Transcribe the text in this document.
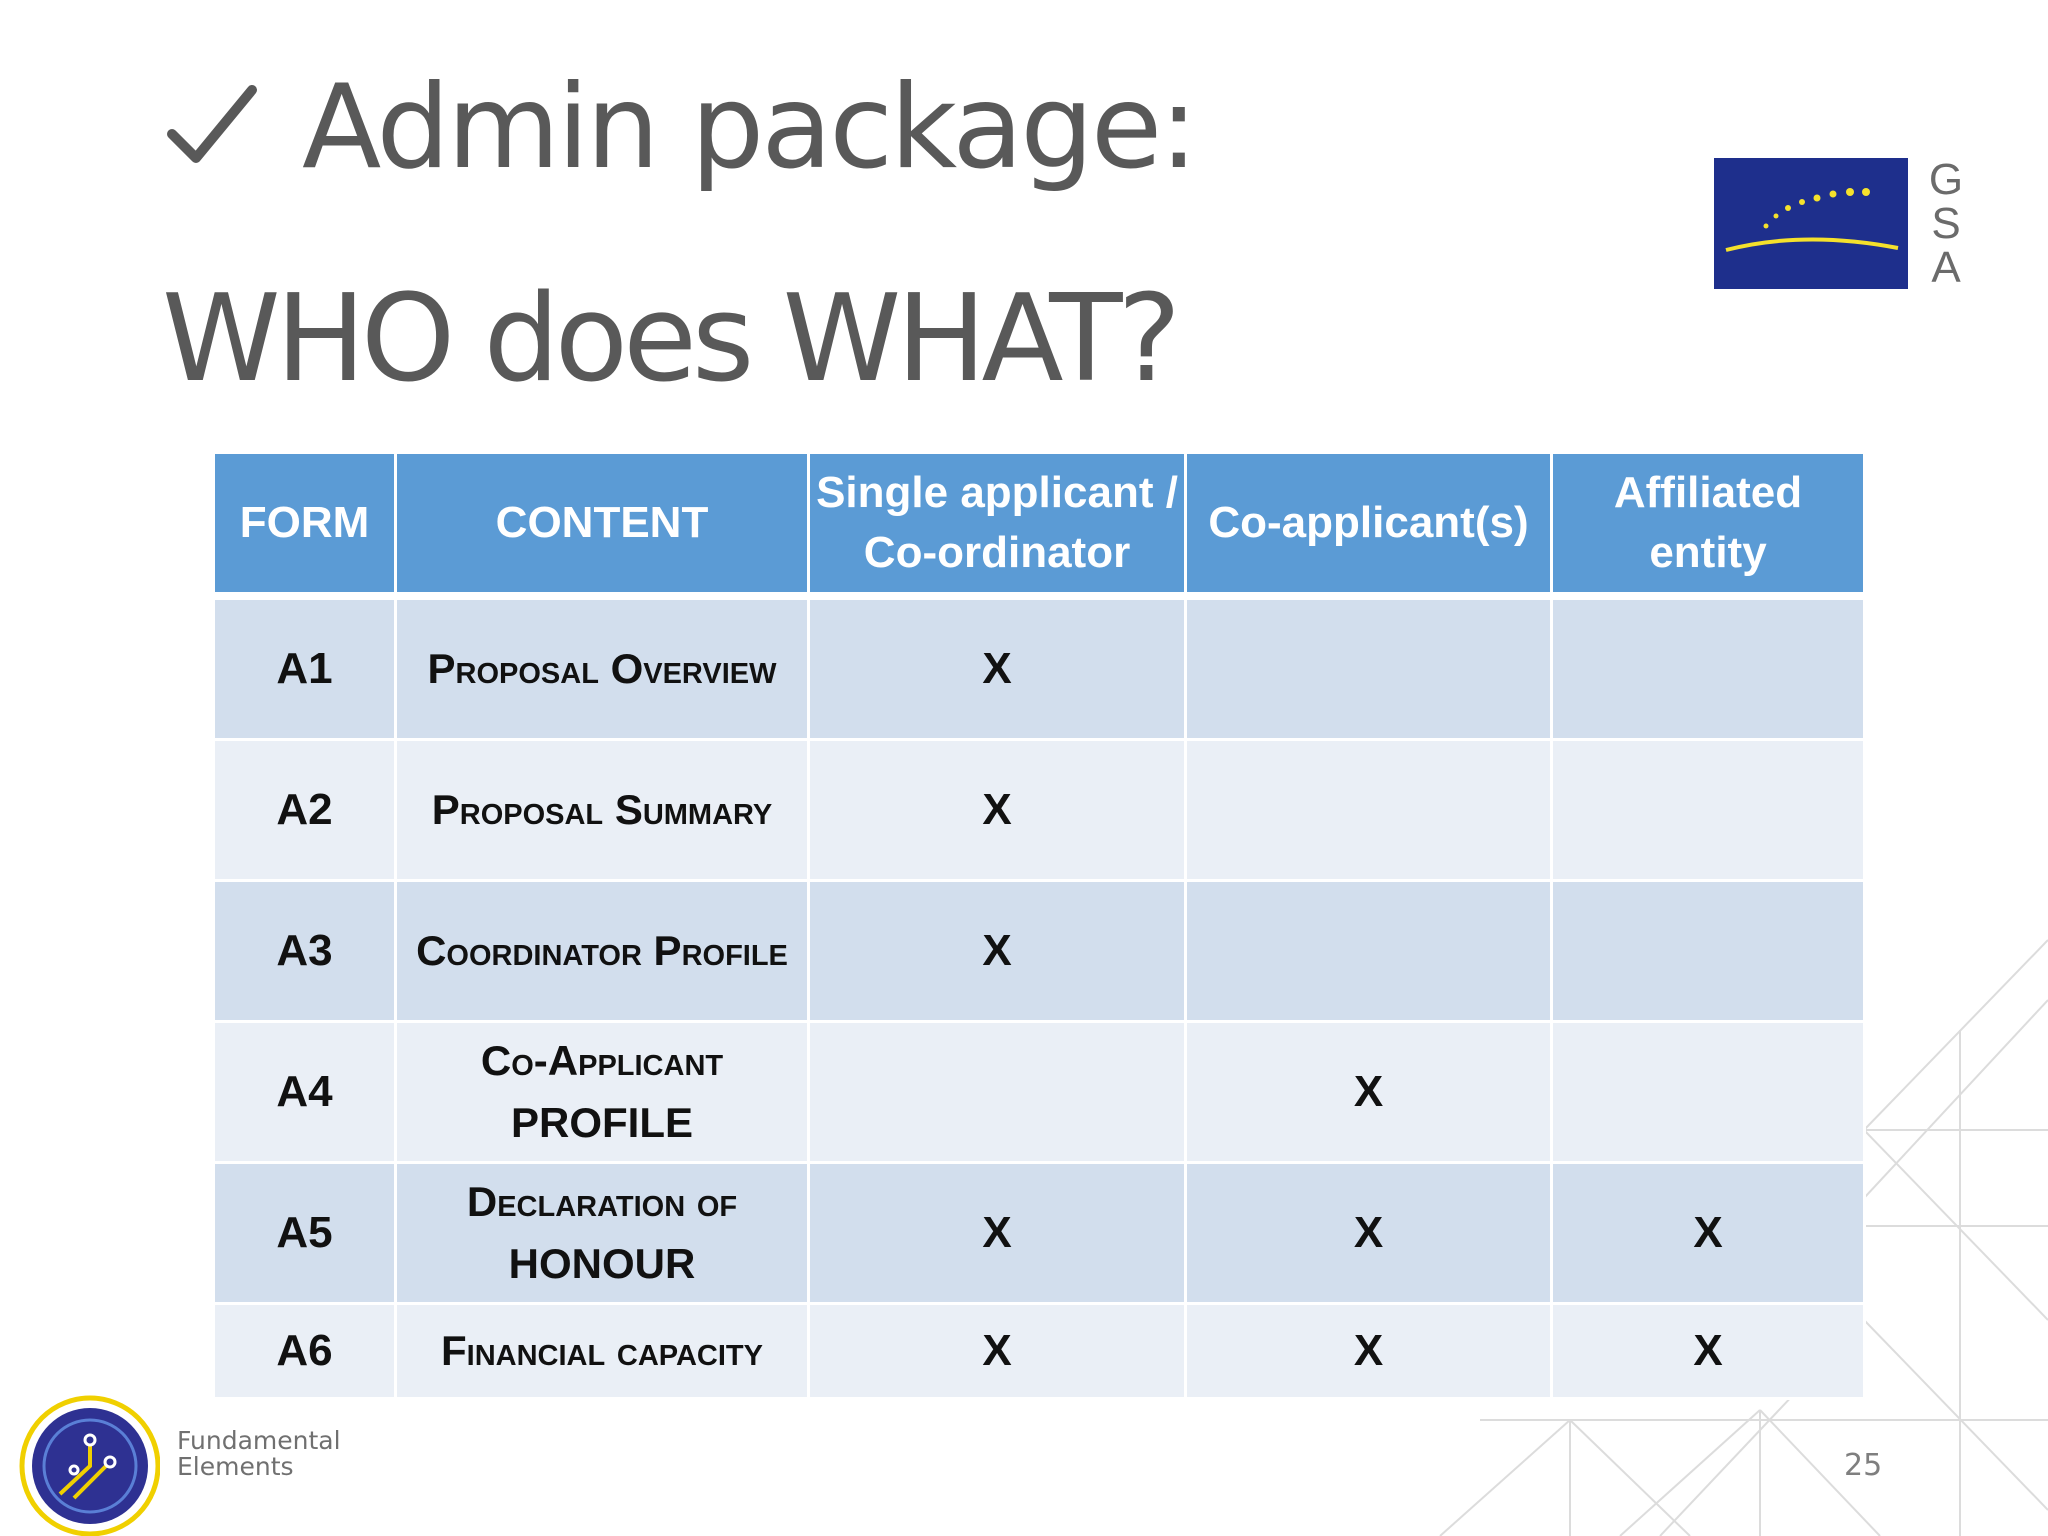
Admin package:
WHO does WHAT?
G
S
A
FORM	CONTENT	Single applicant / Co-ordinator	Co-applicant(s)	Affiliated entity
A1	Proposal Overview	X		
A2	Proposal Summary	X		
A3	Coordinator Profile	X		
A4	Co-Applicant PROFILE		X	
A5	Declaration of HONOUR	X	X	X
A6	Financial capacity	X	X	X
Fundamental
Elements	25
